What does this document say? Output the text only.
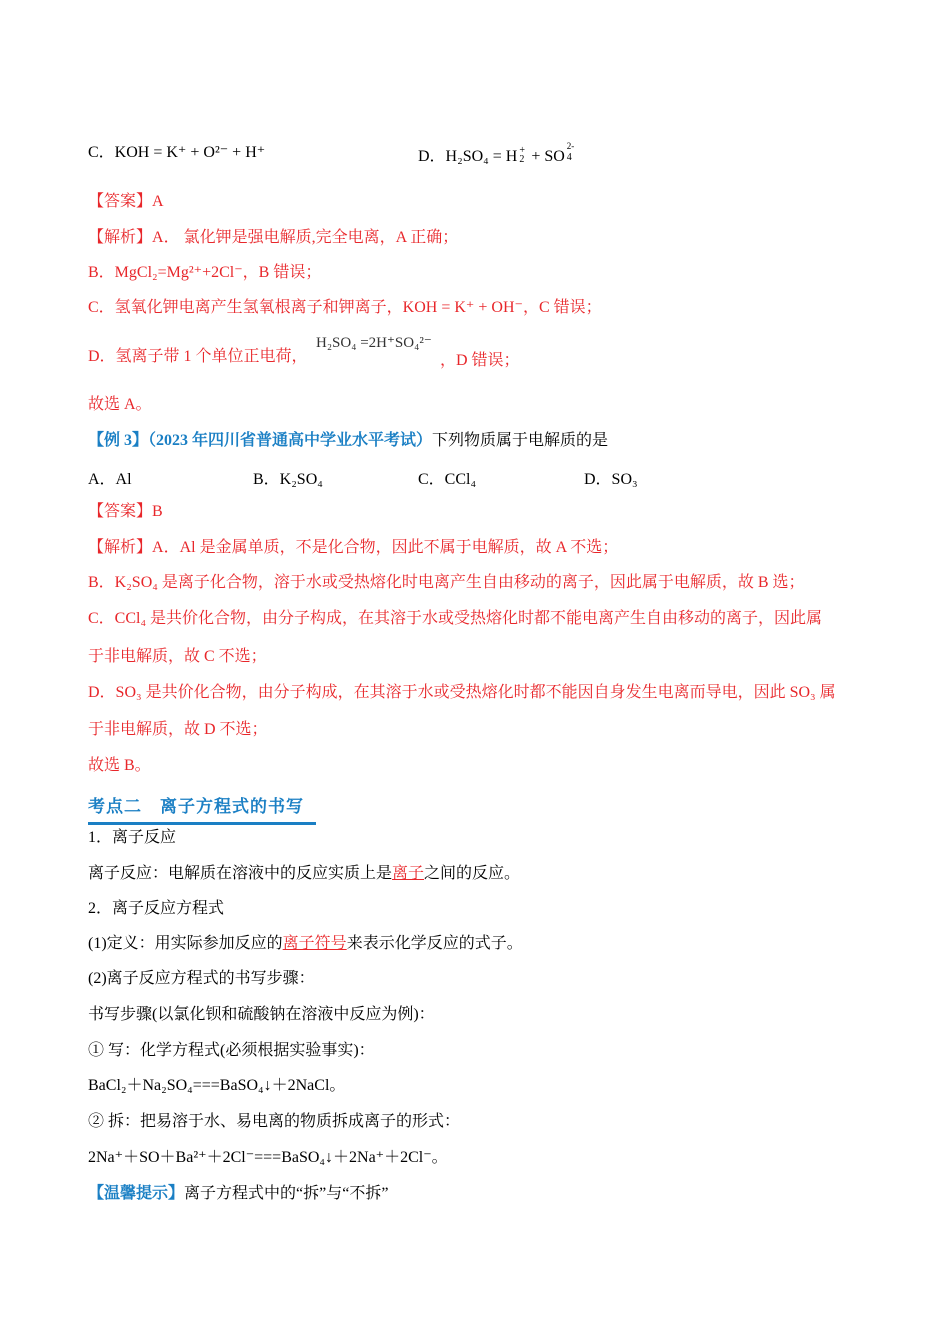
C．KOH = K⁺ + O²⁻ + H⁺	D．H₂SO₄ = H +
2 + SO
2-
4
【答案】A
【解析】A． 氯化钾是强电解质,完全电离，A 正确；
B．MgCl₂=Mg²⁺+2Cl⁻，B 错误；
C．氢氧化钾电离产生氢氧根离子和钾离子，KOH = K⁺ + OH⁻，C 错误；
D．氢离子带 1 个单位正电荷，
H₂SO₄ =2H⁺SO₄²⁻
，D 错误；
故选 A。
【例 3】（2023 年四川省普通高中学业水平考试）下列物质属于电解质的是
A．Al	B．K₂SO₄	C．CCl₄	D．SO₃
【答案】B
【解析】A．Al 是金属单质，不是化合物，因此不属于电解质，故 A 不选；
B．K₂SO₄ 是离子化合物，溶于水或受热熔化时电离产生自由移动的离子，因此属于电解质，故 B 选；
C．CCl₄ 是共价化合物，由分子构成，在其溶于水或受热熔化时都不能电离产生自由移动的离子，因此属
于非电解质，故 C 不选；
D．SO₃ 是共价化合物，由分子构成，在其溶于水或受热熔化时都不能因自身发生电离而导电，因此 SO₃ 属
于非电解质，故 D 不选；
故选 B。
考点二　离子方程式的书写
1．离子反应
离子反应：电解质在溶液中的反应实质上是离子之间的反应。
2．离子反应方程式
(1)定义：用实际参加反应的离子符号来表示化学反应的式子。
(2)离子反应方程式的书写步骤：
书写步骤(以氯化钡和硫酸钠在溶液中反应为例)：
① 写：化学方程式(必须根据实验事实)：
BaCl₂＋Na₂SO₄===BaSO₄↓＋2NaCl。
② 拆：把易溶于水、易电离的物质拆成离子的形式：
2Na⁺＋SO＋Ba²⁺＋2Cl⁻===BaSO₄↓＋2Na⁺＋2Cl⁻。
【温馨提示】离子方程式中的“拆”与“不拆”
